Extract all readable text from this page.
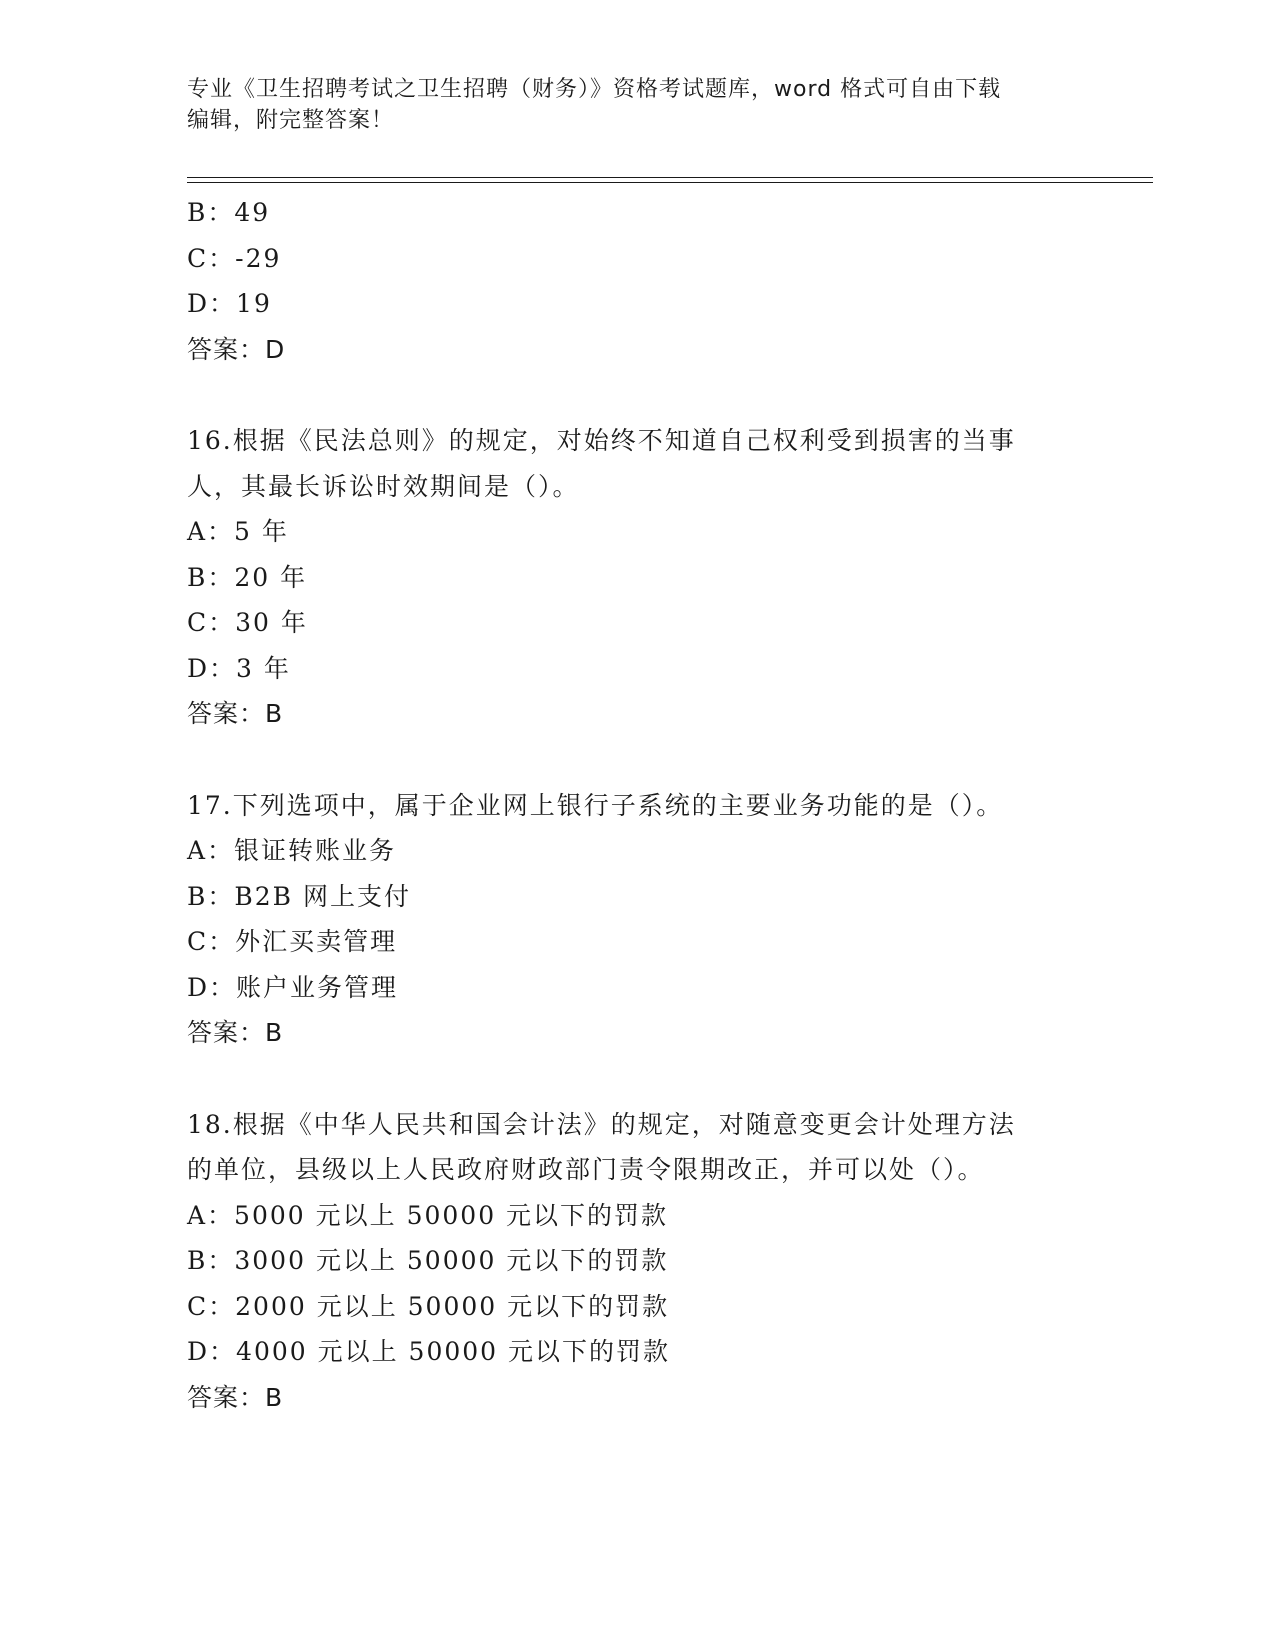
专业《卫生招聘考试之卫生招聘（财务）》资格考试题库，word 格式可自由下载
编辑，附完整答案！
B：49
C：-29
D：19
答案：D
16.根据《民法总则》的规定，对始终不知道自己权利受到损害的当事
人，其最长诉讼时效期间是（）。
A：5 年
B：20 年
C：30 年
D：3 年
答案：B
17.下列选项中，属于企业网上银行子系统的主要业务功能的是（）。
A：银证转账业务
B：B2B 网上支付
C：外汇买卖管理
D：账户业务管理
答案：B
18.根据《中华人民共和国会计法》的规定，对随意变更会计处理方法
的单位，县级以上人民政府财政部门责令限期改正，并可以处（）。
A：5000 元以上 50000 元以下的罚款
B：3000 元以上 50000 元以下的罚款
C：2000 元以上 50000 元以下的罚款
D：4000 元以上 50000 元以下的罚款
答案：B
